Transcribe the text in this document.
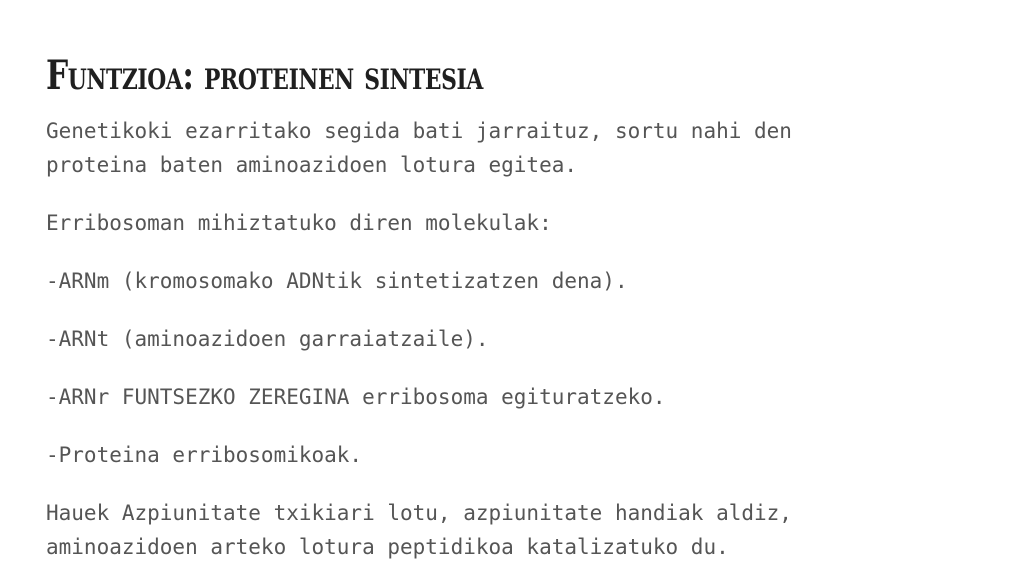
Funtzioa: proteinen sintesia

Genetikoki ezarritako segida bati jarraituz, sortu nahi den
proteina baten aminoazidoen lotura egitea.

Erribosoman mihiztatuko diren molekulak:

-ARNm (kromosomako ADNtik sintetizatzen dena).

-ARNt (aminoazidoen garraiatzaile).

-ARNr FUNTSEZKO ZEREGINA erribosoma egituratzeko.

-Proteina erribosomikoak.

Hauek Azpiunitate txikiari lotu, azpiunitate handiak aldiz,
aminoazidoen arteko lotura peptidikoa katalizatuko du.
